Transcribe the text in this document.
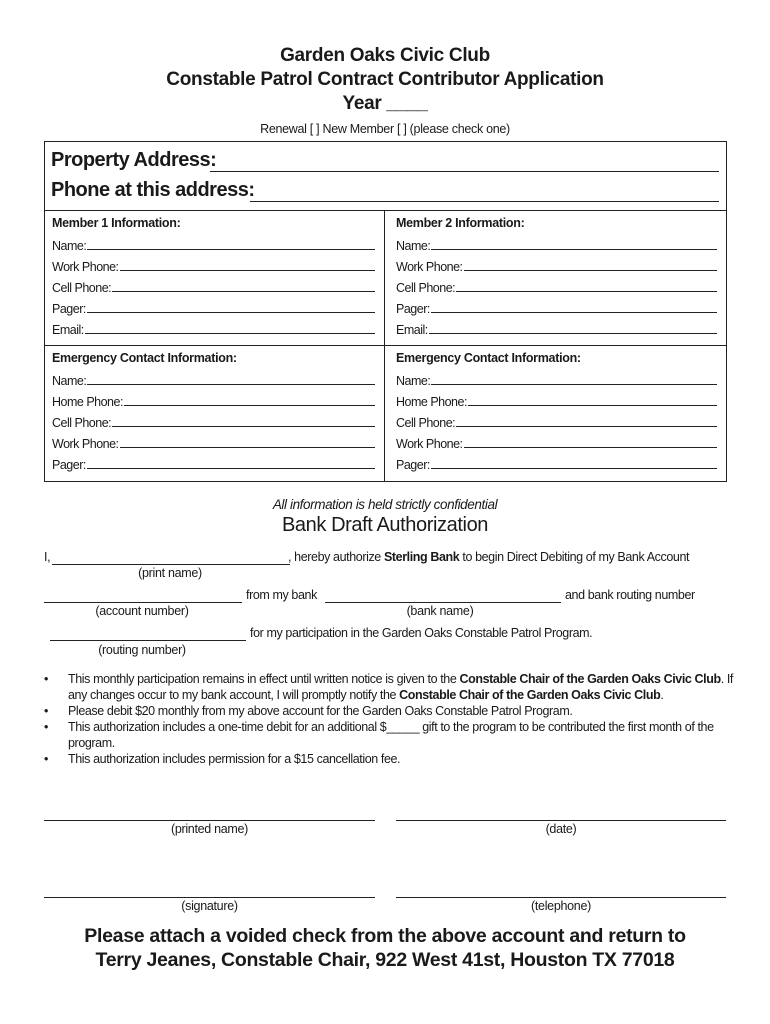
Garden Oaks Civic Club
Constable Patrol Contract Contributor Application
Year ____
Renewal [ ] New Member [ ] (please check one)
Property Address:
Phone at this address:
Member 1 Information:
Name:
Work Phone:
Cell Phone:
Pager:
Email:
Member 2 Information:
Name:
Work Phone:
Cell Phone:
Pager:
Email:
Emergency Contact Information:
Name:
Home Phone:
Cell Phone:
Work Phone:
Pager:
Emergency Contact Information:
Name:
Home Phone:
Cell Phone:
Work Phone:
Pager:
All information is held strictly confidential
Bank Draft Authorization
I,	, hereby authorize Sterling Bank to begin Direct Debiting of my Bank Account
(print name)
from my bank	and bank routing number
(account number)	(bank name)
for my participation in the Garden Oaks Constable Patrol Program.
(routing number)
• This monthly participation remains in effect until written notice is given to the Constable Chair of the Garden Oaks Civic Club. If any changes occur to my bank account, I will promptly notify the Constable Chair of the Garden Oaks Civic Club.
• Please debit $20 monthly from my above account for the Garden Oaks Constable Patrol Program.
• This authorization includes a one-time debit for an additional $_____ gift to the program to be contributed the first month of the program.
• This authorization includes permission for a $15 cancellation fee.
(printed name)	(date)
(signature)	(telephone)
Please attach a voided check from the above account and return to
Terry Jeanes, Constable Chair, 922 West 41st, Houston TX 77018
